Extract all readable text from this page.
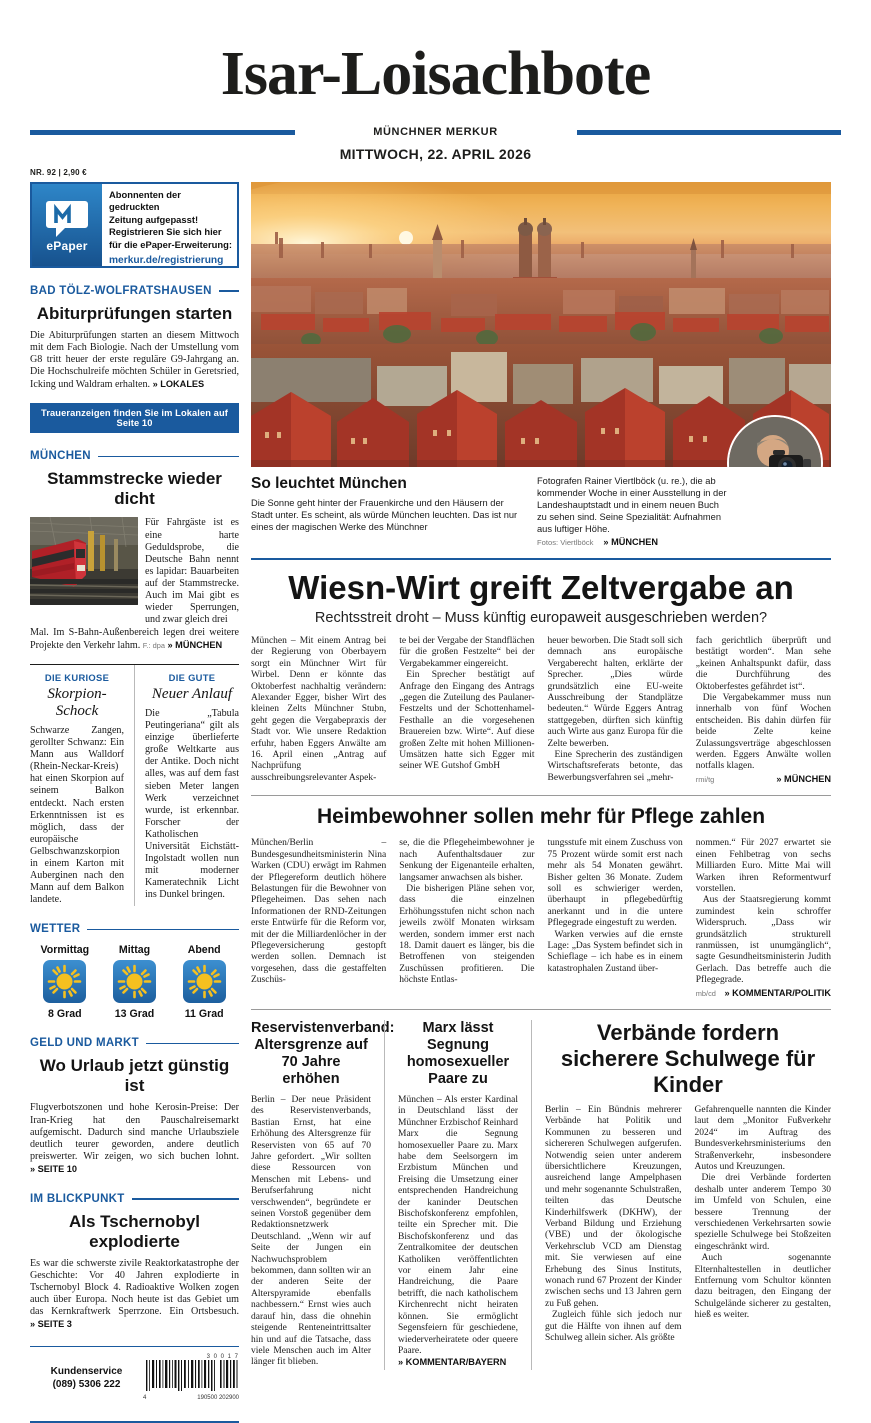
Isar-Loisachbote
MÜNCHNER MERKUR
MITTWOCH, 22. APRIL 2026
NR. 92 | 2,90 €
ePaper
Abonnenten der gedruckten
Zeitung aufgepasst!
Registrieren Sie sich hier
für die ePaper-Erweiterung:
merkur.de/registrierung
BAD TÖLZ-WOLFRATSHAUSEN
Abiturprüfungen starten
Die Abiturprüfungen starten an diesem Mittwoch mit dem Fach Biologie. Nach der Umstellung vom G8 tritt heuer der erste reguläre G9-Jahrgang an. Die Hochschulreife möchten Schüler in Geretsried, Icking und Waldram erhalten. » LOKALES
Traueranzeigen finden Sie im Lokalen auf Seite 10
MÜNCHEN
Stammstrecke wieder dicht
Für Fahrgäste ist es eine harte Geduldsprobe, die Deutsche Bahn nennt es lapidar: Bauarbeiten auf der Stammstrecke. Auch im Mai gibt es wieder Sperrungen, und zwar gleich drei
Mal. Im S-Bahn-Außenbereich legen drei weitere Projekte den Verkehr lahm. F.: dpa » MÜNCHEN
DIE KURIOSE
Skorpion-Schock
Schwarze Zangen, gerollter Schwanz: Ein Mann aus Walldorf (Rhein-Neckar-Kreis) hat einen Skorpion auf seinem Balkon entdeckt. Nach ersten Erkenntnissen ist es möglich, dass der europäische Gelbschwanzskorpion in einem Karton mit Auberginen nach den Mann auf dem Balkon landete.
DIE GUTE
Neuer Anlauf
Die „Tabula Peutingeriana“ gilt als einzige überlieferte große Weltkarte aus der Antike. Doch nicht alles, was auf dem fast sieben Meter langen Werk verzeichnet wurde, ist erkennbar. Forscher der Katholischen Universität Eichstätt-Ingolstadt wollen nun mit moderner Kameratechnik Licht ins Dunkel bringen.
WETTER
Vormittag
8 Grad
Mittag
13 Grad
Abend
11 Grad
GELD UND MARKT
Wo Urlaub jetzt günstig ist
Flugverbotszonen und hohe Kerosin-Preise: Der Iran-Krieg hat den Pauschalreisemarkt aufgemischt. Dadurch sind manche Urlaubsziele deutlich teurer geworden, andere deutlich preiswerter. Wir zeigen, wo sich buchen lohnt. » SEITE 10
IM BLICKPUNKT
Als Tschernobyl explodierte
Es war die schwerste zivile Reaktorkatastrophe der Geschichte: Vor 40 Jahren explodierte in Tschernobyl Block 4. Radioaktive Wolken zogen auch über Europa. Noch heute ist das Gebiet um das Kernkraftwerk Sperrzone. Ein Ortsbesuch. » SEITE 3
Kundenservice
(089) 5306 222
3 0 0 1 7
4	190500 202900
So leuchtet München
Die Sonne geht hinter der Frauenkirche und den Häusern der Stadt unter. Es scheint, als würde München leuchten. Das ist nur eines der magischen Werke des Münchner
Fotografen Rainer Viertlböck (u. re.), die ab kommender Woche in einer Ausstellung in der Landeshauptstadt und in einem neuen Buch zu sehen sind. Seine Spezialität: Aufnahmen aus luftiger Höhe.
Fotos: Viertlböck » MÜNCHEN
Wiesn-Wirt greift Zeltvergabe an
Rechtsstreit droht – Muss künftig europaweit ausgeschrieben werden?

München – Mit einem Antrag bei der Regierung von Oberbayern sorgt ein Münchner Wirt für Wirbel. Denn er könnte das Oktoberfest nachhaltig verändern: Alexander Egger, bisher Wirt des kleinen Zelts Münchner Stubn, geht gegen die Vergabepraxis der Stadt vor. Wie unsere Redaktion erfuhr, haben Eggers Anwälte am 16. April einen „Antrag auf Nachprüfung ausschreibungsrelevanter Aspek-

te bei der Vergabe der Standflächen für die großen Festzelte“ bei der Vergabekammer eingereicht.

Ein Sprecher bestätigt auf Anfrage den Eingang des Antrags „gegen die Zuteilung des Paulaner-Festzelts und der Schottenhamel-Festhalle an die vorgesehenen Brauereien bzw. Wirte“. Auf diese großen Zelte mit hohen Millionen-Umsätzen hatte sich Egger mit seiner WE Gutshof GmbH

heuer beworben. Die Stadt soll sich demnach ans europäische Vergaberecht halten, erklärte der Sprecher. „Dies würde grundsätzlich eine EU-weite Ausschreibung der Standplätze bedeuten.“ Würde Eggers Antrag stattgegeben, dürften sich künftig auch Wirte aus ganz Europa für die Zelte bewerben.

Eine Sprecherin des zuständigen Wirtschaftsreferats betonte, das Bewerbungsverfahren sei „mehr-

fach gerichtlich überprüft und bestätigt worden“. Man sehe „keinen Anhaltspunkt dafür, dass die Durchführung des Oktoberfestes gefährdet ist“.

Die Vergabekammer muss nun innerhalb von fünf Wochen entscheiden. Bis dahin dürfen für beide Zelte keine Zulassungsverträge abgeschlossen werden. Eggers Anwälte wollen notfalls klagen.

rmi/tg	» MÜNCHEN
Heimbewohner sollen mehr für Pflege zahlen

München/Berlin – Bundesgesundheitsministerin Nina Warken (CDU) erwägt im Rahmen der Pflegereform deutlich höhere Belastungen für die Bewohner von Pflegeheimen. Das sehen nach Informationen der RND-Zeitungen erste Entwürfe für die Reform vor, mit der die Milliardenlöcher in der Pflegeversicherung gestopft werden sollen. Demnach ist vorgesehen, dass die gestaffelten Zuschüs-

se, die die Pflegeheimbewohner je nach Aufenthaltsdauer zur Senkung der Eigenanteile erhalten, langsamer anwachsen als bisher.

Die bisherigen Pläne sehen vor, dass die einzelnen Erhöhungsstufen nicht schon nach jeweils zwölf Monaten wirksam werden, sondern immer erst nach 18. Damit dauert es länger, bis die Betroffenen von steigenden Zuschüssen profitieren. Die höchste Entlas-

tungsstufe mit einem Zuschuss von 75 Prozent würde somit erst nach mehr als 54 Monaten gewährt. Bisher gelten 36 Monate. Zudem soll es schwieriger werden, überhaupt in pflegebedürftig anerkannt und in die untere Pflegegrade eingestuft zu werden.

Warken verwies auf die ernste Lage: „Das System befindet sich in Schieflage – ich habe es in einem katastrophalen Zustand über-

nommen.“ Für 2027 erwartet sie einen Fehlbetrag von sechs Milliarden Euro. Mitte Mai will Warken ihren Reformentwurf vorstellen.

Aus der Staatsregierung kommt zumindest kein schroffer Widerspruch. „Dass wir grundsätzlich strukturell ranmüssen, ist unumgänglich“, sagte Gesundheitsministerin Judith Gerlach. Das betreffe auch die Pflegegrade.

mb/cd » KOMMENTAR/POLITIK
Reservistenverband: Altersgrenze auf 70 Jahre erhöhen

Berlin – Der neue Präsident des Reservistenverbands, Bastian Ernst, hat eine Erhöhung des Altersgrenze für Reservisten von 65 auf 70 Jahre gefordert. „Wir sollten diese Ressourcen von Menschen mit Lebens- und Berufserfahrung nicht verschwenden“, begründete er seinen Vorstoß gegenüber dem Redaktionsnetzwerk Deutschland. „Wenn wir auf Seite der Jungen ein Nachwuchsproblem bekommen, dann sollten wir an der anderen Seite der Alterspyramide ebenfalls nachbessern.“ Ernst wies auch darauf hin, dass die ohnehin steigende Renteneintrittsalter hin und auf die Tatsache, dass viele Menschen auch im Alter länger fit blieben.

Marx lässt Segnung homosexueller Paare zu

München – Als erster Kardinal in Deutschland lässt der Münchner Erzbischof Reinhard Marx die Segnung homosexueller Paare zu. Marx habe dem Seelsorgern im Erzbistum München und Freising die Umsetzung einer entsprechenden Handreichung der kaninder Deutschen Bischofskonferenz empfohlen, teilte ein Sprecher mit. Die Bischofskonferenz und das Zentralkomitee der deutschen Katholiken veröffentlichten vor einem Jahr eine Handreichung, die Paare betrifft, die nach katholischem Kirchenrecht nicht heiraten können. Sie ermöglicht Segensfeiern für geschiedene, wiederverheiratete oder queere Paare. » KOMMENTAR/BAYERN

Verbände fordern sicherere Schulwege für Kinder

Berlin – Ein Bündnis mehrerer Verbände hat Politik und Kommunen zu besseren und sichereren Schulwegen aufgerufen. Notwendig seien unter anderem übersichtlichere Kreuzungen, ausreichend lange Ampelphasen und mehr sogenannte Schulstraßen, teilten das Deutsche Kinderhilfswerk (DKHW), der Verband Bildung und Erziehung (VBE) und der ökologische Verkehrsclub VCD am Dienstag mit. Sie verwiesen auf eine Erhebung des Sinus Instituts, wonach rund 67 Prozent der Kinder zwischen sechs und 13 Jahren gern zu Fuß gehen.

Zugleich fühle sich jedoch nur gut die Hälfte von ihnen auf dem Schulweg allein sicher. Als größte

Gefahrenquelle nannten die Kinder laut dem „Monitor Fußverkehr 2024“ im Auftrag des Bundesverkehrsministeriums den Straßenverkehr, insbesondere Autos und Kreuzungen.

Die drei Verbände forderten deshalb unter anderem Tempo 30 im Umfeld von Schulen, eine bessere Trennung der verschiedenen Verkehrsarten sowie spezielle Schulwege bei Stoßzeiten eingeschränkt wird.

Auch sogenannte Elternhaltestellen in deutlicher Entfernung vom Schultor könnten dazu beitragen, den Eingang der Schulgelände sicherer zu gestalten, hieß es weiter.
